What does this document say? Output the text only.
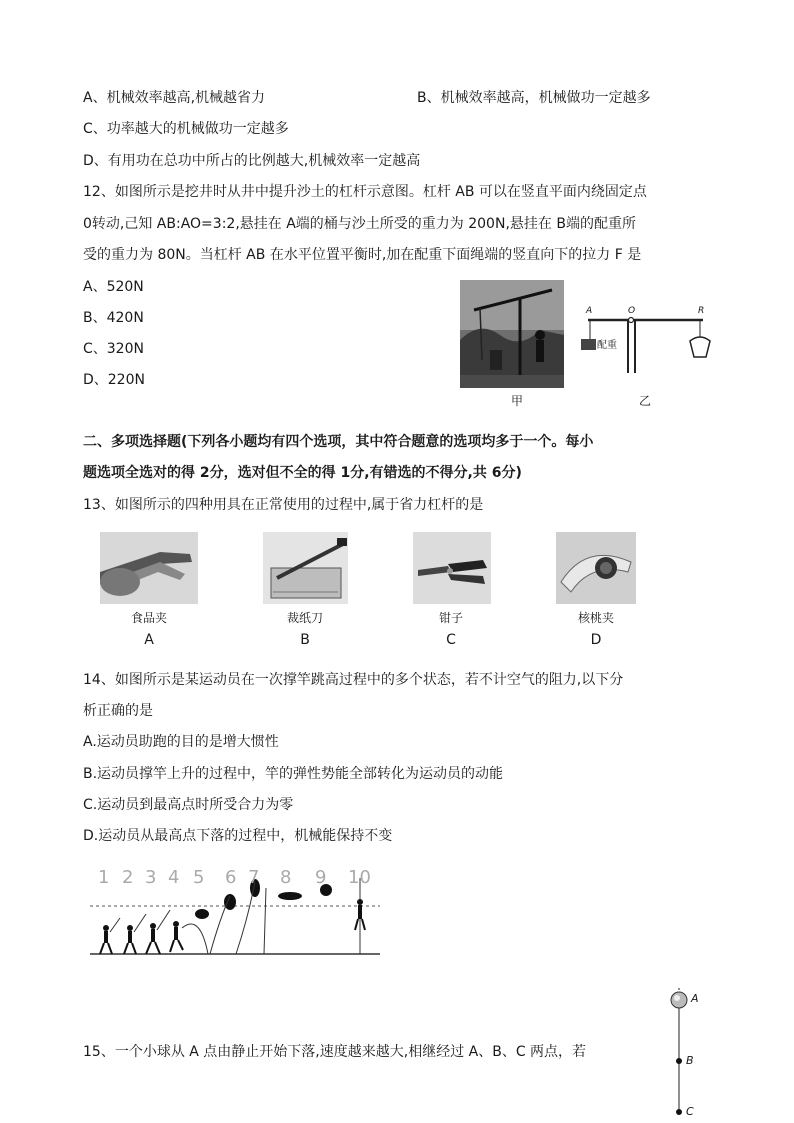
A、机械效率越高,机械越省力	B、机械效率越高，机械做功一定越多
C、功率越大的机械做功一定越多
D、有用功在总功中所占的比例越大,机械效率一定越高
12、如图所示是挖井时从井中提升沙土的杠杆示意图。杠杆 AB 可以在竖直平面内绕固定点
0转动,己知 AB:AO=3:2,悬挂在 A端的桶与沙土所受的重力为 200N,悬挂在 B端的配重所
受的重力为 80N。当杠杆 AB 在水平位置平衡时,加在配重下面绳端的竖直向下的拉力 F 是
A、520N
B、420N
C、320N
D、220N
甲
A	O	R
配重
乙
二、多项选择题(下列各小题均有四个选项，其中符合题意的选项均多于一个。每小
题选项全选对的得 2分，选对但不全的得 1分,有错选的不得分,共 6分)
13、如图所示的四种用具在正常使用的过程中,属于省力杠杆的是
食品夹
A
裁纸刀
B
钳子
C
核桃夹
D
14、如图所示是某运动员在一次撑竿跳高过程中的多个状态，若不计空气的阻力,以下分
析正确的是
A.运动员助跑的目的是增大惯性
B.运动员撑竿上升的过程中，竿的弹性势能全部转化为运动员的动能
C.运动员到最高点时所受合力为零
D.运动员从最高点下落的过程中，机械能保持不变
1 2 3 4 5 6 7 8 9 10
15、一个小球从 A 点由静止开始下落,速度越来越大,相继经过 A、B、C 两点，若
A
B
C
